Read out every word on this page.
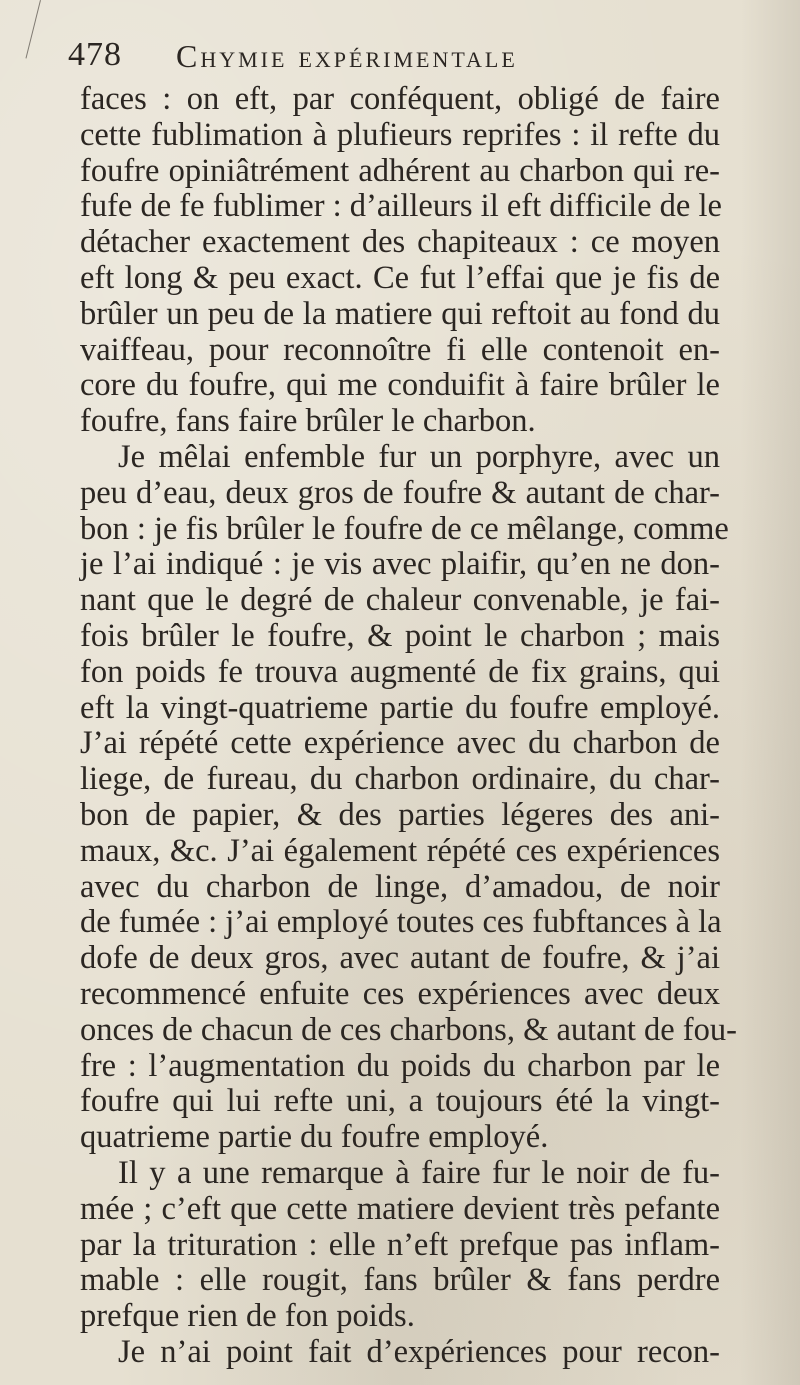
478 Chymie expérimentale
faces : on eft, par conféquent, obligé de faire
cette fublimation à plufieurs reprifes : il refte du
foufre opiniâtrément adhérent au charbon qui re-
fufe de fe fublimer : d’ailleurs il eft difficile de le
détacher exactement des chapiteaux : ce moyen
eft long & peu exact. Ce fut l’effai que je fis de
brûler un peu de la matiere qui reftoit au fond du
vaiffeau, pour reconnoître fi elle contenoit en-
core du foufre, qui me conduifit à faire brûler le
foufre, fans faire brûler le charbon.
Je mêlai enfemble fur un porphyre, avec un
peu d’eau, deux gros de foufre & autant de char-
bon : je fis brûler le foufre de ce mêlange, comme
je l’ai indiqué : je vis avec plaifir, qu’en ne don-
nant que le degré de chaleur convenable, je fai-
fois brûler le foufre, & point le charbon ; mais
fon poids fe trouva augmenté de fix grains, qui
eft la vingt-quatrieme partie du foufre employé.
J’ai répété cette expérience avec du charbon de
liege, de fureau, du charbon ordinaire, du char-
bon de papier, & des parties légeres des ani-
maux, &c. J’ai également répété ces expériences
avec du charbon de linge, d’amadou, de noir
de fumée : j’ai employé toutes ces fubftances à la
dofe de deux gros, avec autant de foufre, & j’ai
recommencé enfuite ces expériences avec deux
onces de chacun de ces charbons, & autant de fou-
fre : l’augmentation du poids du charbon par le
foufre qui lui refte uni, a toujours été la vingt-
quatrieme partie du foufre employé.
Il y a une remarque à faire fur le noir de fu-
mée ; c’eft que cette matiere devient très pefante
par la trituration : elle n’eft prefque pas inflam-
mable : elle rougit, fans brûler & fans perdre
prefque rien de fon poids.
Je n’ai point fait d’expériences pour recon-
